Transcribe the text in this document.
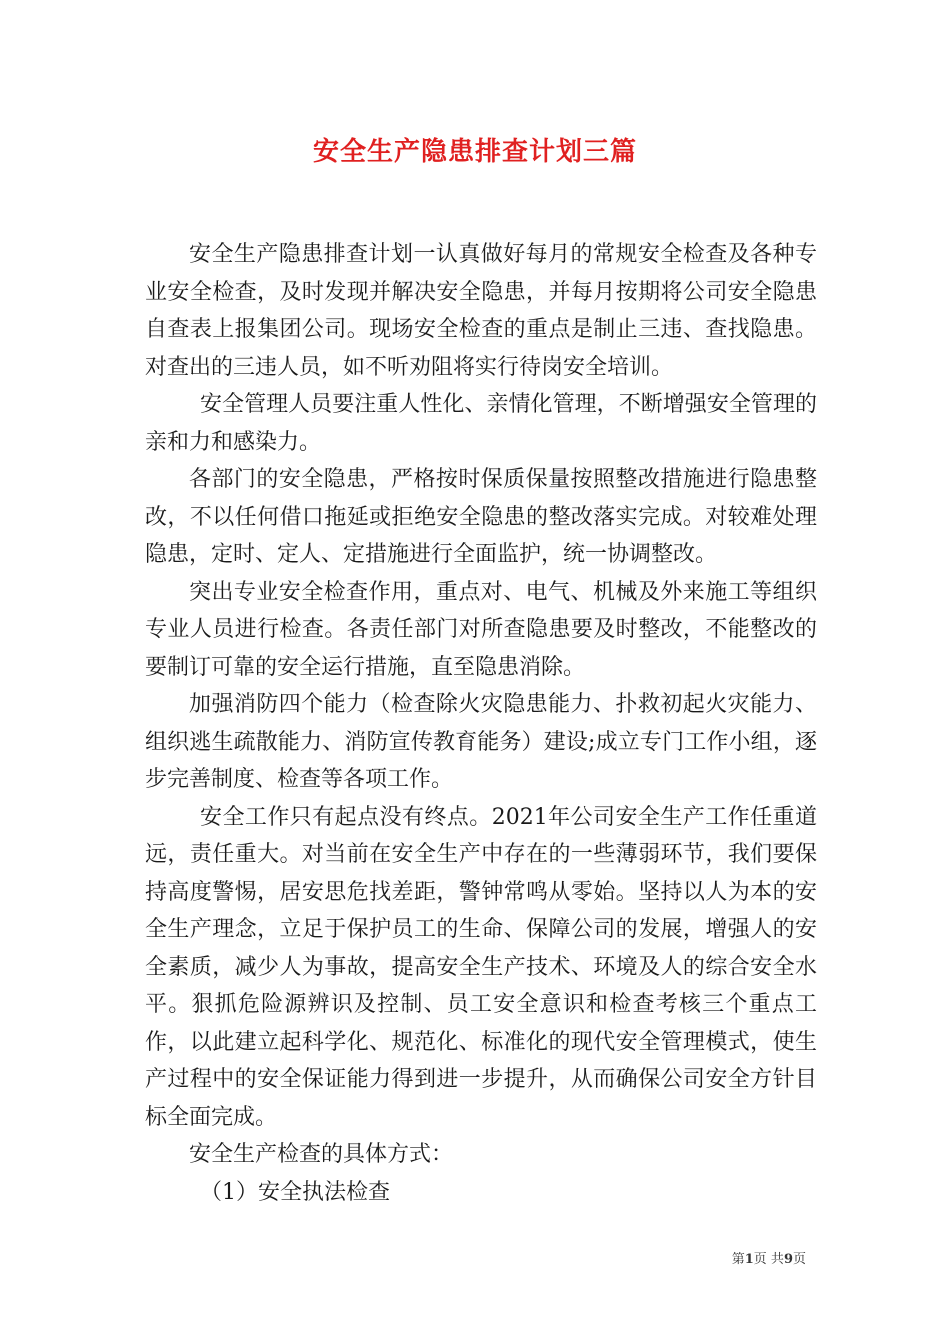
安全生产隐患排查计划三篇

安全生产隐患排查计划一认真做好每月的常规安全检查及各种专业安全检查，及时发现并解决安全隐患，并每月按期将公司安全隐患自查表上报集团公司。现场安全检查的重点是制止三违、查找隐患。对查出的三违人员，如不听劝阻将实行待岗安全培训。

安全管理人员要注重人性化、亲情化管理，不断增强安全管理的亲和力和感染力。

各部门的安全隐患，严格按时保质保量按照整改措施进行隐患整改，不以任何借口拖延或拒绝安全隐患的整改落实完成。对较难处理隐患，定时、定人、定措施进行全面监护，统一协调整改。

突出专业安全检查作用，重点对、电气、机械及外来施工等组织专业人员进行检查。各责任部门对所查隐患要及时整改，不能整改的要制订可靠的安全运行措施，直至隐患消除。

加强消防四个能力（检查除火灾隐患能力、扑救初起火灾能力、组织逃生疏散能力、消防宣传教育能务）建设;成立专门工作小组，逐步完善制度、检查等各项工作。

安全工作只有起点没有终点。2021年公司安全生产工作任重道远，责任重大。对当前在安全生产中存在的一些薄弱环节，我们要保持高度警惕，居安思危找差距，警钟常鸣从零始。坚持以人为本的安全生产理念，立足于保护员工的生命、保障公司的发展，增强人的安全素质，减少人为事故，提高安全生产技术、环境及人的综合安全水平。狠抓危险源辨识及控制、员工安全意识和检查考核三个重点工作，以此建立起科学化、规范化、标准化的现代安全管理模式，使生产过程中的安全保证能力得到进一步提升，从而确保公司安全方针目标全面完成。

安全生产检查的具体方式：

（1）安全执法检查

第1页 共9页
